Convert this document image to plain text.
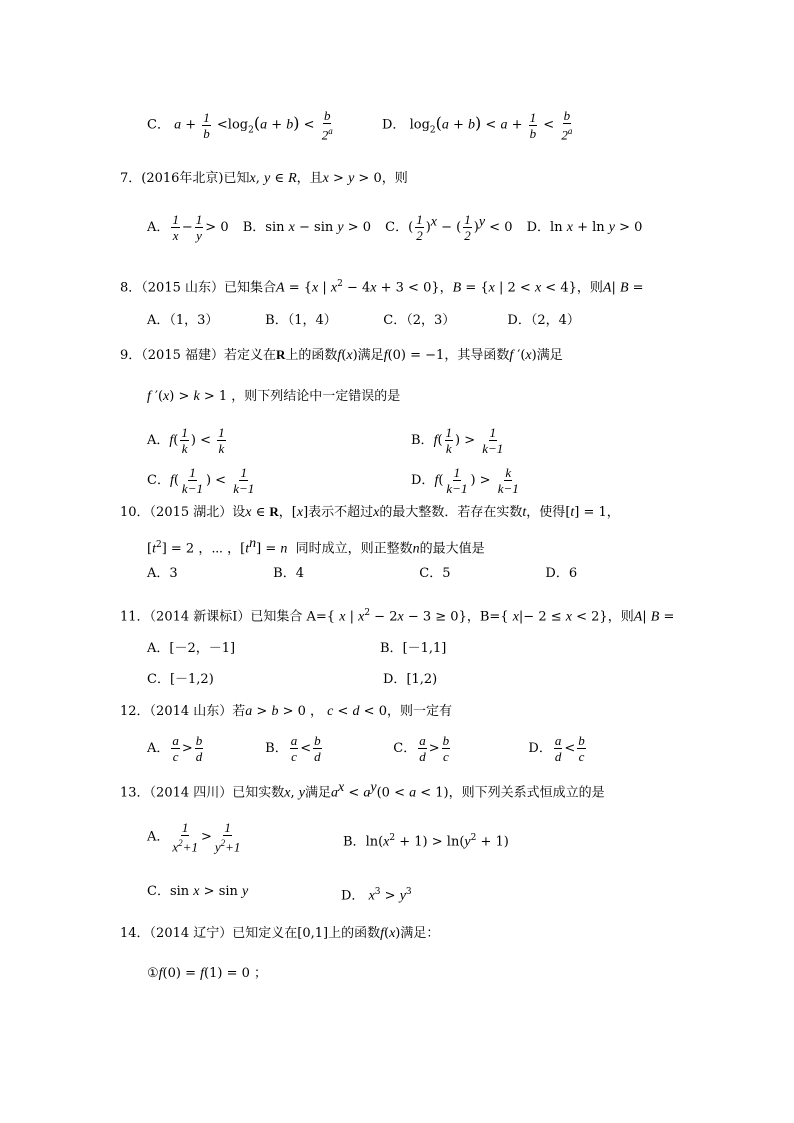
C． $a + \frac{1}{b} <\log_2(a + b) < \frac{b}{2^a}$	D． $\log_2(a + b) < a + \frac{1}{b} < \frac{b}{2^a}$
7．(2016年北京)已知x, y ∈ R，且x > y > 0，则
A． $\frac{1}{x} - \frac{1}{y} > 0$ B．sin x − sin y > 0 C．( $\frac{1}{2} )^x$ − ( $\frac{1}{2} )^y < 0$ D．ln x + ln y > 0
8．（2015 山东）已知集合A = {x | $x^2 - 4x + 3 < 0$}，B = {x | 2 < x < 4}，则A| B =
A．（1，3）	B．（1，4）	C．（2，3）	D．（2，4）
9．（2015 福建）若定义在R上的函数f(x)满足f(0) = −1，其导函数f ′(x)满足
f ′(x) > k > 1 ，则下列结论中一定错误的是
A．$f( \frac{1}{k}$ ) < $\frac{1}{k}$	B．$f( \frac{1}{k}$ ) > $\frac{1}{k-1}$
C．$f( \frac{1}{k-1}$ ) < $\frac{1}{k-1}$	D．$f( \frac{1}{k-1}$ ) > $\frac{k}{k-1}$
10．（2015 湖北）设x ∈ R，[x]表示不超过x的最大整数．若存在实数t，使得[t] = 1，
$[t^2] = 2$ ，⋯ ，$[t^n] = n$ 同时成立，则正整数n的最大值是
A．3	B．4	C．5	D．6
11．（2014 新课标Ⅰ）已知集合 A={ x | $x^2 - 2x - 3 \ge 0$}，B={ x|− 2 ≤ x < 2}，则A| B =
A．[－2，－1]	B．[－1,1]
C．[－1,2)	D．[1,2)
12．（2014 山东）若a > b > 0 ， c < d < 0，则一定有
A． $\frac{a}{c} > \frac{b}{d}$	B． $\frac{a}{c} < \frac{b}{d}$	C． $\frac{a}{d} > \frac{b}{c}$	D． $\frac{a}{d} < \frac{b}{c}$
13．（2014 四川）已知实数x, y满足$a^x < a^y(0 < a < 1)$，则下列关系式恒成立的是
A． $\frac{1}{x^2+1} > \frac{1}{y^2+1}$	B．$\ln(x^2 + 1) > \ln(y^2 + 1)$
C．sin x > sin y	D． $x^3 > y^3$
14．（2014 辽宁）已知定义在[0,1]上的函数f(x)满足：
①f(0) = f(1) = 0 ；
